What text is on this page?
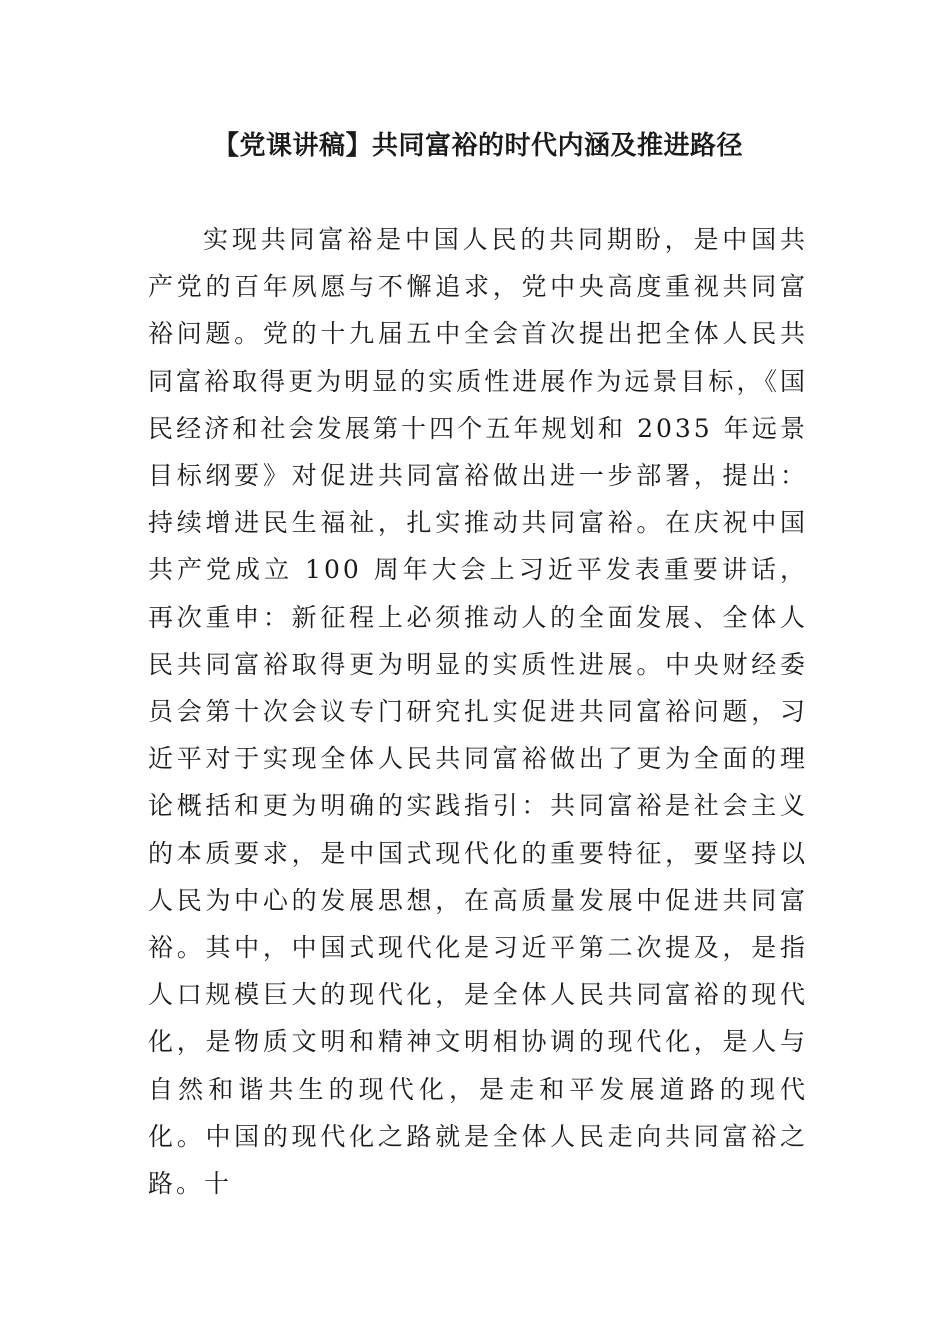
【党课讲稿】共同富裕的时代内涵及推进路径

实现共同富裕是中国人民的共同期盼，是中国共产党的百年夙愿与不懈追求，党中央高度重视共同富裕问题。党的十九届五中全会首次提出把全体人民共同富裕取得更为明显的实质性进展作为远景目标，《国民经济和社会发展第十四个五年规划和 2035 年远景目标纲要》对促进共同富裕做出进一步部署，提出：持续增进民生福祉，扎实推动共同富裕。在庆祝中国共产党成立 100 周年大会上习近平发表重要讲话，再次重申：新征程上必须推动人的全面发展、全体人民共同富裕取得更为明显的实质性进展。中央财经委员会第十次会议专门研究扎实促进共同富裕问题，习近平对于实现全体人民共同富裕做出了更为全面的理论概括和更为明确的实践指引：共同富裕是社会主义的本质要求，是中国式现代化的重要特征，要坚持以人民为中心的发展思想，在高质量发展中促进共同富裕。其中，中国式现代化是习近平第二次提及，是指人口规模巨大的现代化，是全体人民共同富裕的现代化，是物质文明和精神文明相协调的现代化，是人与自然和谐共生的现代化，是走和平发展道路的现代化。中国的现代化之路就是全体人民走向共同富裕之路。十
